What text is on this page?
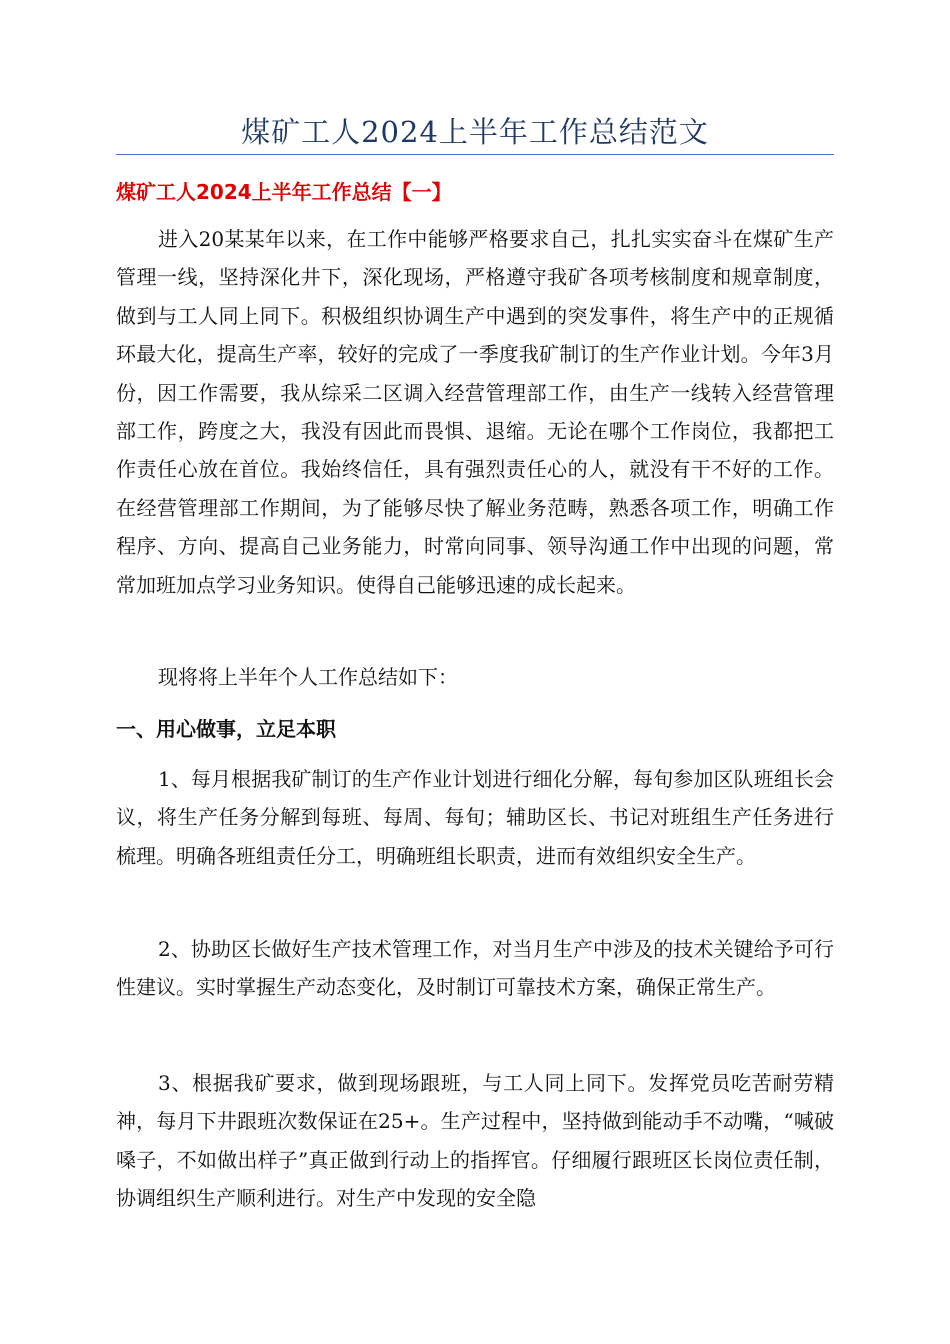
煤矿工人2024上半年工作总结范文
煤矿工人2024上半年工作总结【一】

进入20某某年以来，在工作中能够严格要求自己，扎扎实实奋斗在煤矿生产管理一线，坚持深化井下，深化现场，严格遵守我矿各项考核制度和规章制度，做到与工人同上同下。积极组织协调生产中遇到的突发事件，将生产中的正规循环最大化，提高生产率，较好的完成了一季度我矿制订的生产作业计划。今年3月份，因工作需要，我从综采二区调入经营管理部工作，由生产一线转入经营管理部工作，跨度之大，我没有因此而畏惧、退缩。无论在哪个工作岗位，我都把工作责任心放在首位。我始终信任，具有强烈责任心的人，就没有干不好的工作。在经营管理部工作期间，为了能够尽快了解业务范畴，熟悉各项工作，明确工作程序、方向、提高自己业务能力，时常向同事、领导沟通工作中出现的问题，常常加班加点学习业务知识。使得自己能够迅速的成长起来。

现将将上半年个人工作总结如下：

一、用心做事，立足本职

1、每月根据我矿制订的生产作业计划进行细化分解，每旬参加区队班组长会议，将生产任务分解到每班、每周、每旬；辅助区长、书记对班组生产任务进行梳理。明确各班组责任分工，明确班组长职责，进而有效组织安全生产。

2、协助区长做好生产技术管理工作，对当月生产中涉及的技术关键给予可行性建议。实时掌握生产动态变化，及时制订可靠技术方案，确保正常生产。

3、根据我矿要求，做到现场跟班，与工人同上同下。发挥党员吃苦耐劳精神，每月下井跟班次数保证在25+。生产过程中，坚持做到能动手不动嘴，“喊破嗓子，不如做出样子”真正做到行动上的指挥官。仔细履行跟班区长岗位责任制，协调组织生产顺利进行。对生产中发现的安全隐
